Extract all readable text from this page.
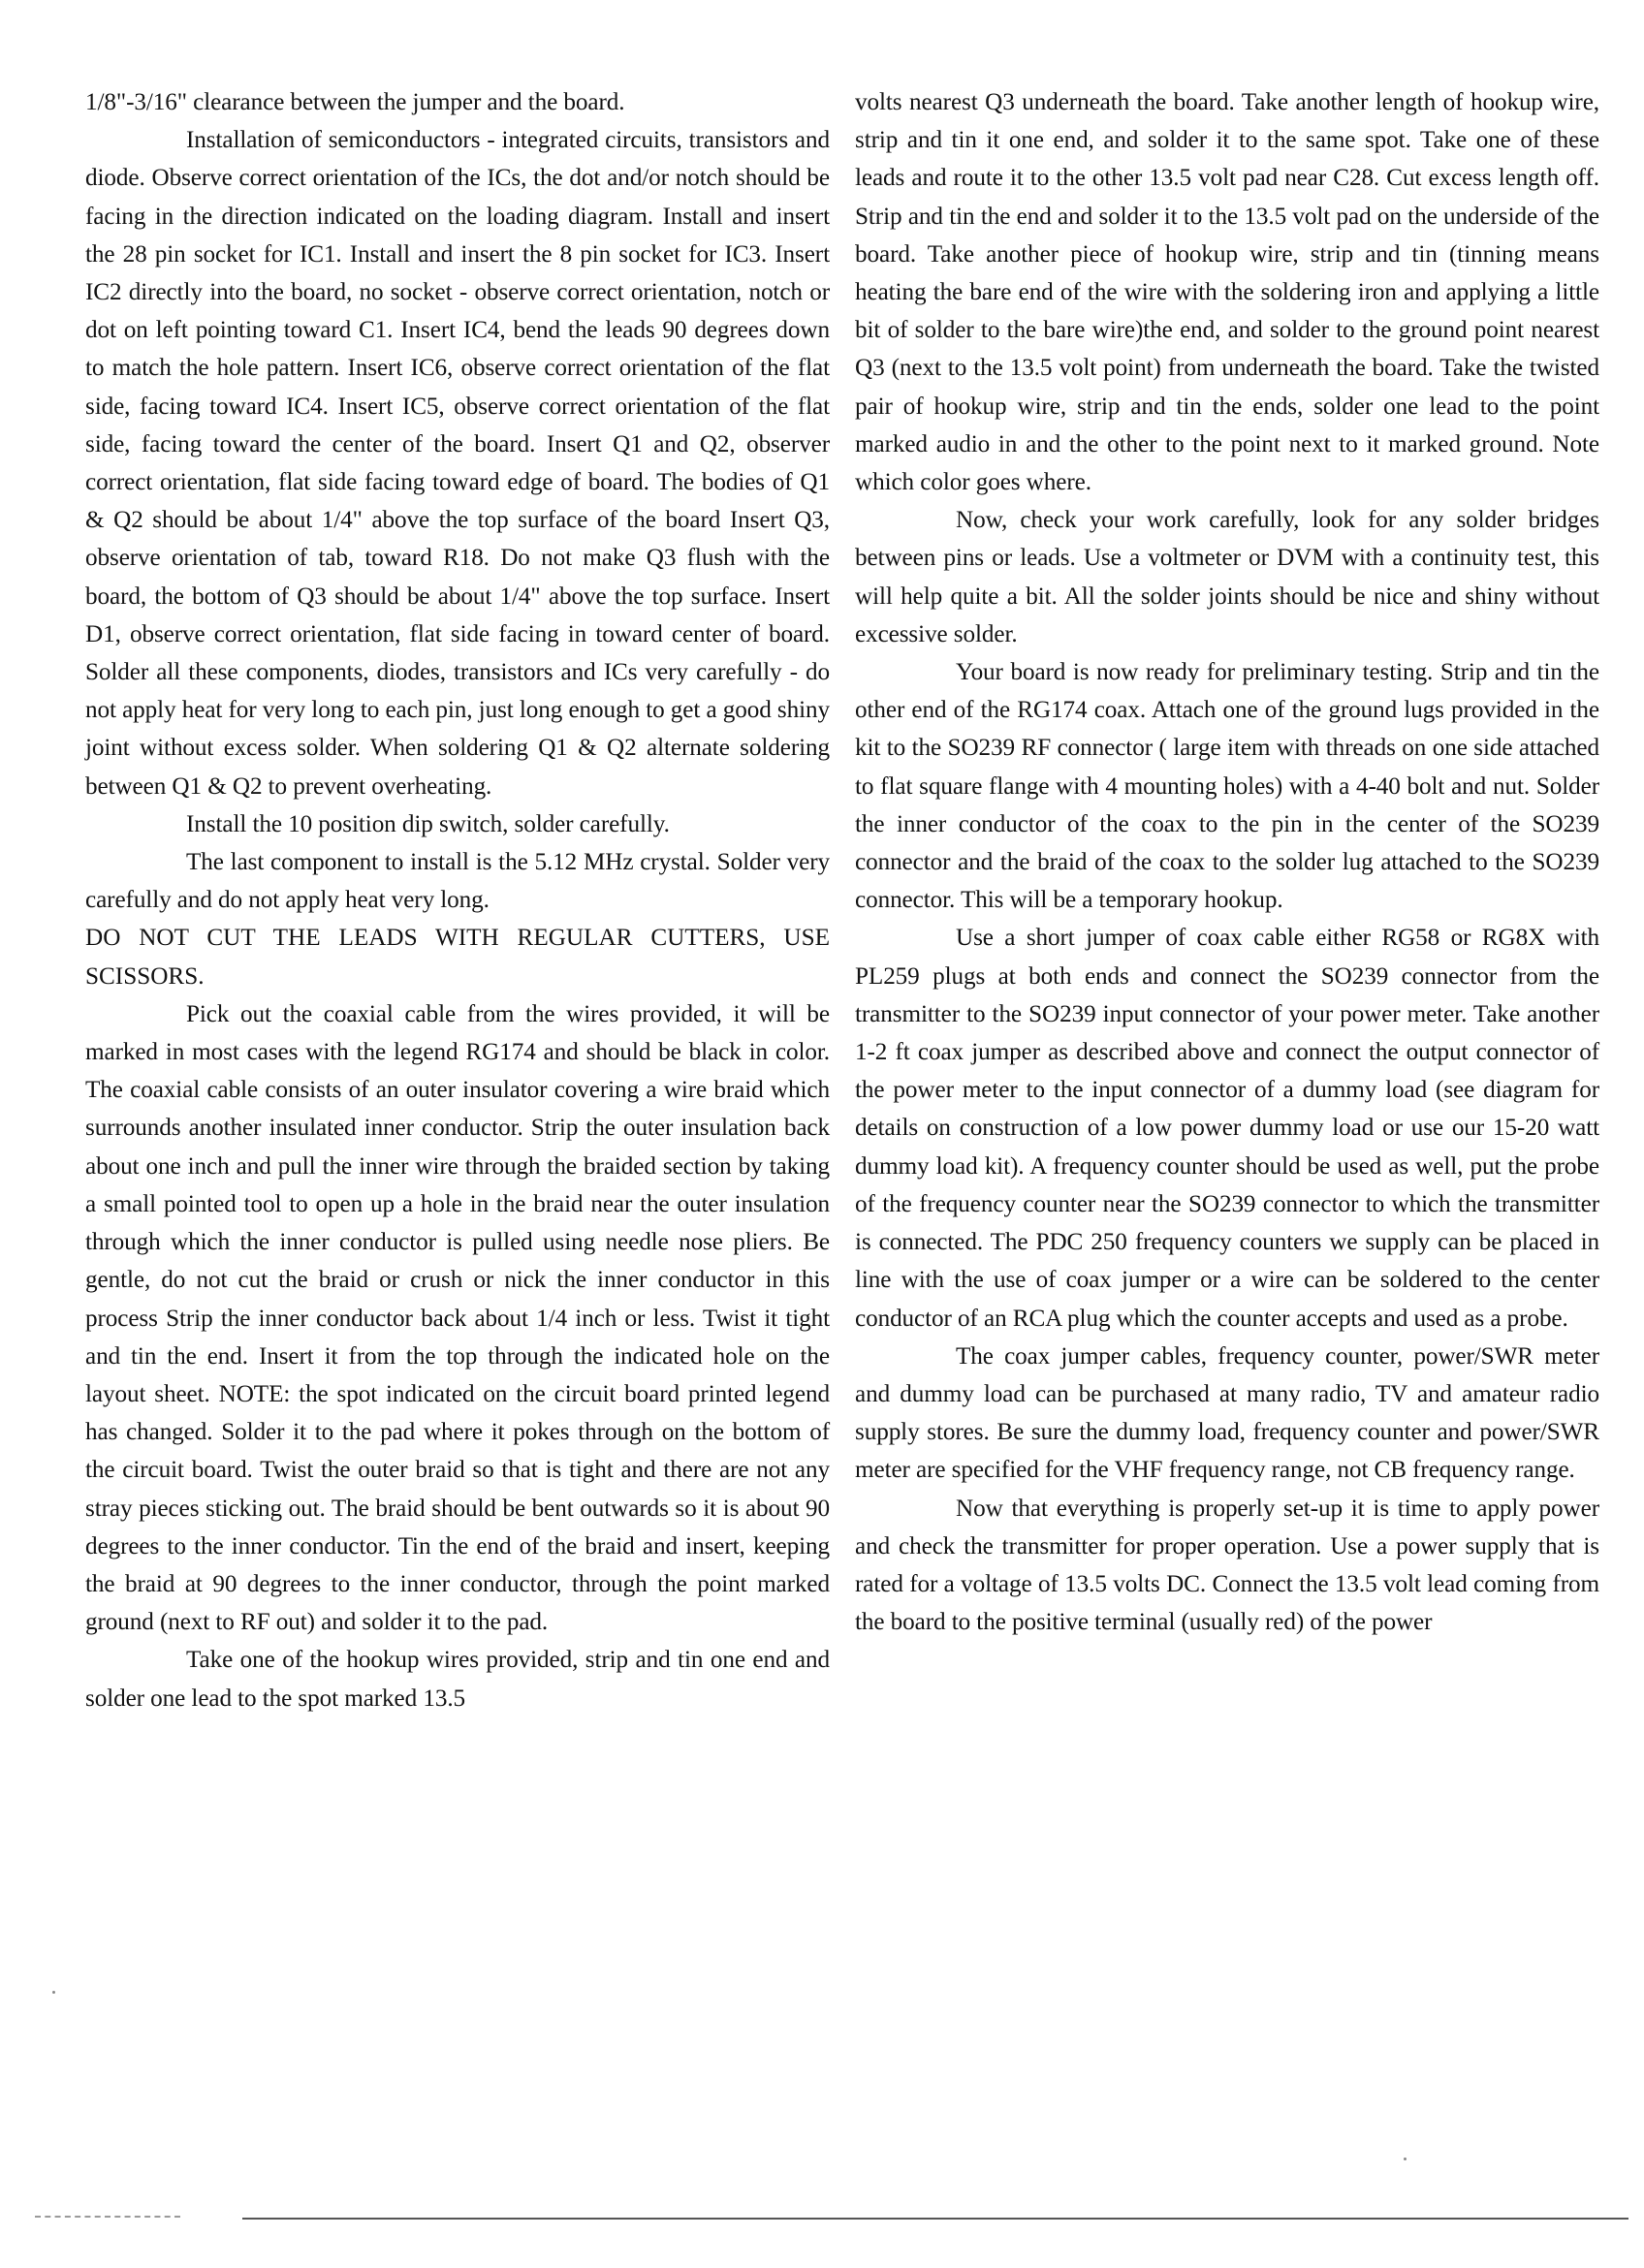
1/8"-3/16" clearance between the jumper and the board.

Installation of semiconductors - integrated circuits, transistors and diode. Observe correct orientation of the ICs, the dot and/or notch should be facing in the direction indicated on the loading diagram. Install and insert the 28 pin socket for IC1. Install and insert the 8 pin socket for IC3. Insert IC2 directly into the board, no socket - observe correct orientation, notch or dot on left pointing toward C1. Insert IC4, bend the leads 90 degrees down to match the hole pattern. Insert IC6, observe correct orientation of the flat side, facing toward IC4. Insert IC5, observe correct orientation of the flat side, facing toward the center of the board. Insert Q1 and Q2, observer correct orientation, flat side facing toward edge of board. The bodies of Q1 & Q2 should be about 1/4" above the top surface of the board Insert Q3, observe orientation of tab, toward R18. Do not make Q3 flush with the board, the bottom of Q3 should be about 1/4" above the top surface. Insert D1, observe correct orientation, flat side facing in toward center of board. Solder all these components, diodes, transistors and ICs very carefully - do not apply heat for very long to each pin, just long enough to get a good shiny joint without excess solder. When soldering Q1 & Q2 alternate soldering between Q1 & Q2 to prevent overheating.

Install the 10 position dip switch, solder carefully.

The last component to install is the 5.12 MHz crystal. Solder very carefully and do not apply heat very long.

DO NOT CUT THE LEADS WITH REGULAR CUTTERS, USE SCISSORS.

Pick out the coaxial cable from the wires provided, it will be marked in most cases with the legend RG174 and should be black in color. The coaxial cable consists of an outer insulator covering a wire braid which surrounds another insulated inner conductor. Strip the outer insulation back about one inch and pull the inner wire through the braided section by taking a small pointed tool to open up a hole in the braid near the outer insulation through which the inner conductor is pulled using needle nose pliers. Be gentle, do not cut the braid or crush or nick the inner conductor in this process Strip the inner conductor back about 1/4 inch or less. Twist it tight and tin the end. Insert it from the top through the indicated hole on the layout sheet. NOTE: the spot indicated on the circuit board printed legend has changed. Solder it to the pad where it pokes through on the bottom of the circuit board. Twist the outer braid so that is tight and there are not any stray pieces sticking out. The braid should be bent outwards so it is about 90 degrees to the inner conductor. Tin the end of the braid and insert, keeping the braid at 90 degrees to the inner conductor, through the point marked ground (next to RF out) and solder it to the pad.

Take one of the hookup wires provided, strip and tin one end and solder one lead to the spot marked 13.5

volts nearest Q3 underneath the board. Take another length of hookup wire, strip and tin it one end, and solder it to the same spot. Take one of these leads and route it to the other 13.5 volt pad near C28. Cut excess length off. Strip and tin the end and solder it to the 13.5 volt pad on the underside of the board. Take another piece of hookup wire, strip and tin (tinning means heating the bare end of the wire with the soldering iron and applying a little bit of solder to the bare wire)the end, and solder to the ground point nearest Q3 (next to the 13.5 volt point) from underneath the board. Take the twisted pair of hookup wire, strip and tin the ends, solder one lead to the point marked audio in and the other to the point next to it marked ground. Note which color goes where.

Now, check your work carefully, look for any solder bridges between pins or leads. Use a voltmeter or DVM with a continuity test, this will help quite a bit. All the solder joints should be nice and shiny without excessive solder.

Your board is now ready for preliminary testing. Strip and tin the other end of the RG174 coax. Attach one of the ground lugs provided in the kit to the SO239 RF connector ( large item with threads on one side attached to flat square flange with 4 mounting holes) with a 4-40 bolt and nut. Solder the inner conductor of the coax to the pin in the center of the SO239 connector and the braid of the coax to the solder lug attached to the SO239 connector. This will be a temporary hookup.

Use a short jumper of coax cable either RG58 or RG8X with PL259 plugs at both ends and connect the SO239 connector from the transmitter to the SO239 input connector of your power meter. Take another 1-2 ft coax jumper as described above and connect the output connector of the power meter to the input connector of a dummy load (see diagram for details on construction of a low power dummy load or use our 15-20 watt dummy load kit). A frequency counter should be used as well, put the probe of the frequency counter near the SO239 connector to which the transmitter is connected. The PDC 250 frequency counters we supply can be placed in line with the use of coax jumper or a wire can be soldered to the center conductor of an RCA plug which the counter accepts and used as a probe.

The coax jumper cables, frequency counter, power/SWR meter and dummy load can be purchased at many radio, TV and amateur radio supply stores. Be sure the dummy load, frequency counter and power/SWR meter are specified for the VHF frequency range, not CB frequency range.

Now that everything is properly set-up it is time to apply power and check the transmitter for proper operation. Use a power supply that is rated for a voltage of 13.5 volts DC. Connect the 13.5 volt lead coming from the board to the positive terminal (usually red) of the power
